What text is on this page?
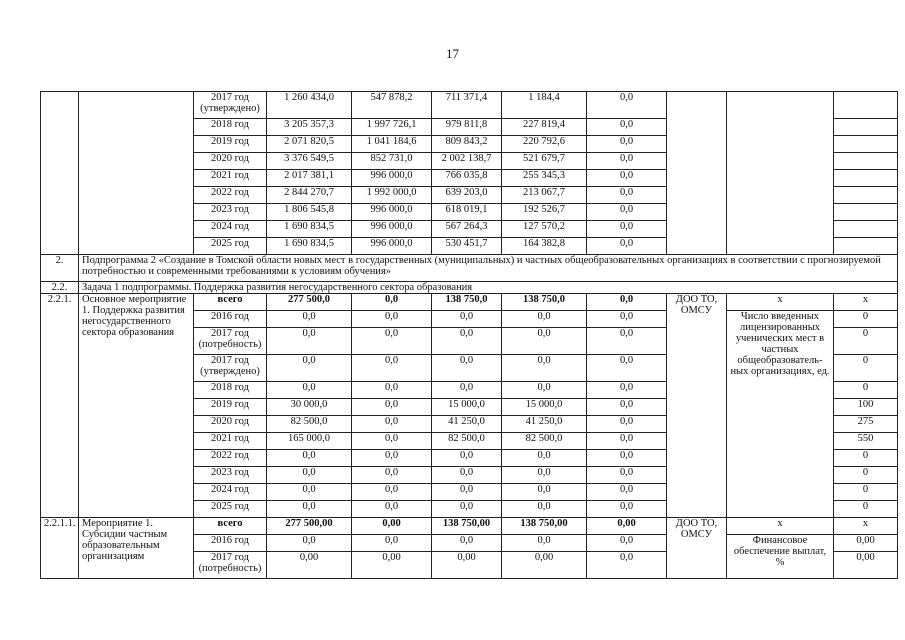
17
		2017 год (утверждено)	1 260 434,0	547 878,2	711 371,4	1 184,4	0,0			
		2018 год	3 205 357,3	1 997 726,1	979 811,8	227 819,4	0,0			
		2019 год	2 071 820,5	1 041 184,6	809 843,2	220 792,6	0,0			
		2020 год	3 376 549,5	852 731,0	2 002 138,7	521 679,7	0,0			
		2021 год	2 017 381,1	996 000,0	766 035,8	255 345,3	0,0			
		2022 год	2 844 270,7	1 992 000,0	639 203,0	213 067,7	0,0			
		2023 год	1 806 545,8	996 000,0	618 019,1	192 526,7	0,0			
		2024 год	1 690 834,5	996 000,0	567 264,3	127 570,2	0,0			
		2025 год	1 690 834,5	996 000,0	530 451,7	164 382,8	0,0			
2.	Подпрограмма 2 «Создание в Томской области новых мест в государственных (муниципальных) и частных общеобразовательных организациях в соответствии с прогнозируемой потребностью и современными требованиями к условиям обучения»									
2.2.	Задача 1 подпрограммы. Поддержка развития негосударственного сектора образования									
2.2.1.	Основное мероприятие 1. Поддержка развития негосударственного сектора образования	всего	277 500,0	0,0	138 750,0	138 750,0	0,0	ДОО ТО, ОМСУ	х	х
		2016 год	0,0	0,0	0,0	0,0	0,0		Число введенных лицензированных ученических мест в частных общеобразователь-ных организациях, ед.	0
		2017 год (потребность)	0,0	0,0	0,0	0,0	0,0			0
		2017 год (утверждено)	0,0	0,0	0,0	0,0	0,0			0
		2018 год	0,0	0,0	0,0	0,0	0,0			0
		2019 год	30 000,0	0,0	15 000,0	15 000,0	0,0			100
		2020 год	82 500,0	0,0	41 250,0	41 250,0	0,0			275
		2021 год	165 000,0	0,0	82 500,0	82 500,0	0,0			550
		2022 год	0,0	0,0	0,0	0,0	0,0			0
		2023 год	0,0	0,0	0,0	0,0	0,0			0
		2024 год	0,0	0,0	0,0	0,0	0,0			0
		2025 год	0,0	0,0	0,0	0,0	0,0			0
2.2.1.1.	Мероприятие 1. Субсидии частным образовательным организациям	всего	277 500,00	0,00	138 750,00	138 750,00	0,00	ДОО ТО, ОМСУ	х	х
		2016 год	0,0	0,0	0,0	0,0	0,0		Финансовое обеспечение выплат, %	0,00
		2017 год (потребность)	0,00	0,00	0,00	0,00	0,0			0,00
